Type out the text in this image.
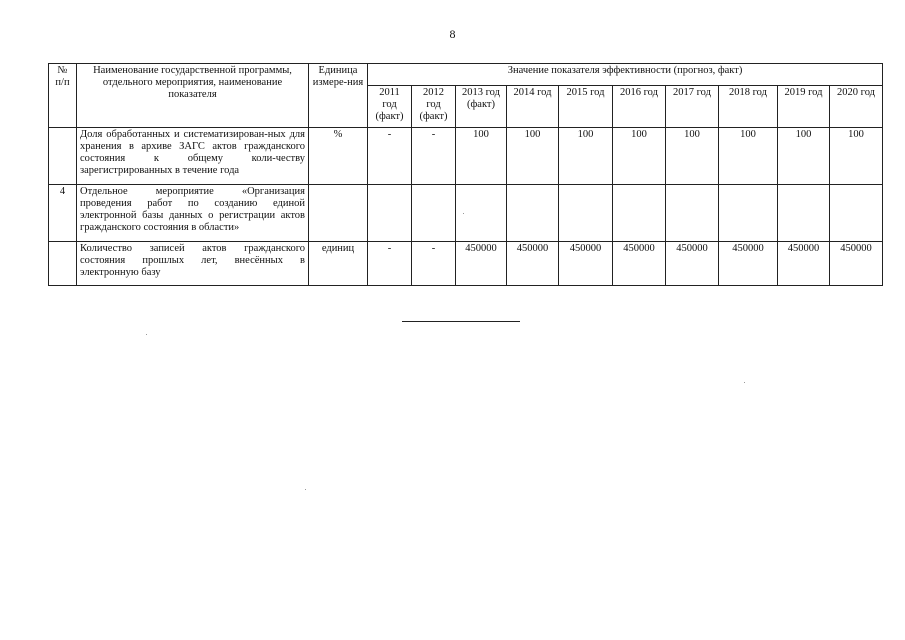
8
№ п/п	Наименование государственной программы, отдельного мероприятия, наименование показателя	Единица измере-ния	Значение показателя эффективности (прогноз, факт)									
			2011 год (факт)	2012 год (факт)	2013 год (факт)	2014 год	2015 год	2016 год	2017 год	2018 год	2019 год	2020 год
	Доля обработанных и систематизирован-ных для хранения в архиве ЗАГС актов гражданского состояния к общему коли-честву зарегистрированных в течение года	%	-	-	100	100	100	100	100	100	100	100
4	Отдельное мероприятие «Организация проведения работ по созданию единой электронной базы данных о регистрации актов гражданского состояния в области»											
	Количество записей актов гражданского состояния прошлых лет, внесённых в электронную базу	единиц	-	-	450000	450000	450000	450000	450000	450000	450000	450000
